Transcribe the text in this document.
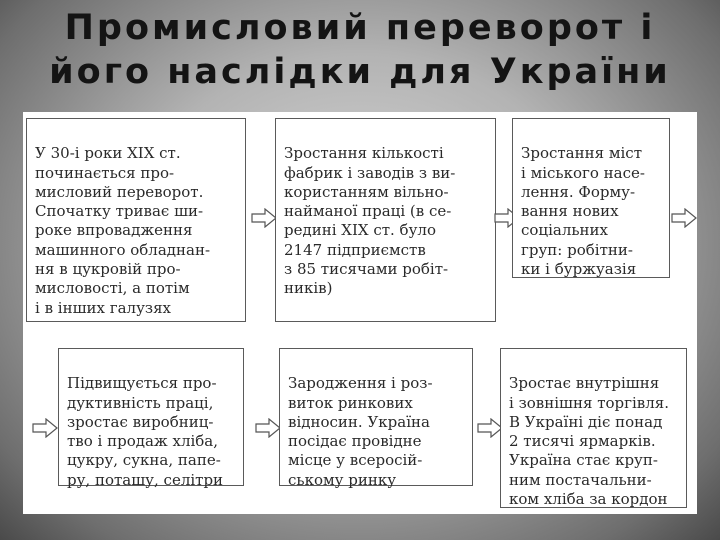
Промисловий переворот і
його наслідки для України

У 30-і роки XIX ст.
починається про-
мисловий переворот.
Спочатку триває ши-
роке впровадження
машинного обладнан-
ня в цукровій про-
мисловості, а потім
і в інших галузях

Зростання кількості
фабрик і заводів з ви-
користанням вільно-
найманої праці (в се-
редині XIX ст. було
2147 підприємств
з 85 тисячами робіт-
ників)

Зростання міст
і міського насе-
лення. Форму-
вання нових
соціальних
груп: робітни-
ки і буржуазія

Підвищується про-
дуктивність праці,
зростає виробниц-
тво і продаж хліба,
цукру, сукна, папе-
ру, поташу, селітри

Зародження і роз-
виток ринкових
відносин. Україна
посідає провідне
місце у всеросій-
ському ринку

Зростає внутрішня
і зовнішня торгівля.
В Україні діє понад
2 тисячі ярмарків.
Україна стає круп-
ним постачальни-
ком хліба за кордон
